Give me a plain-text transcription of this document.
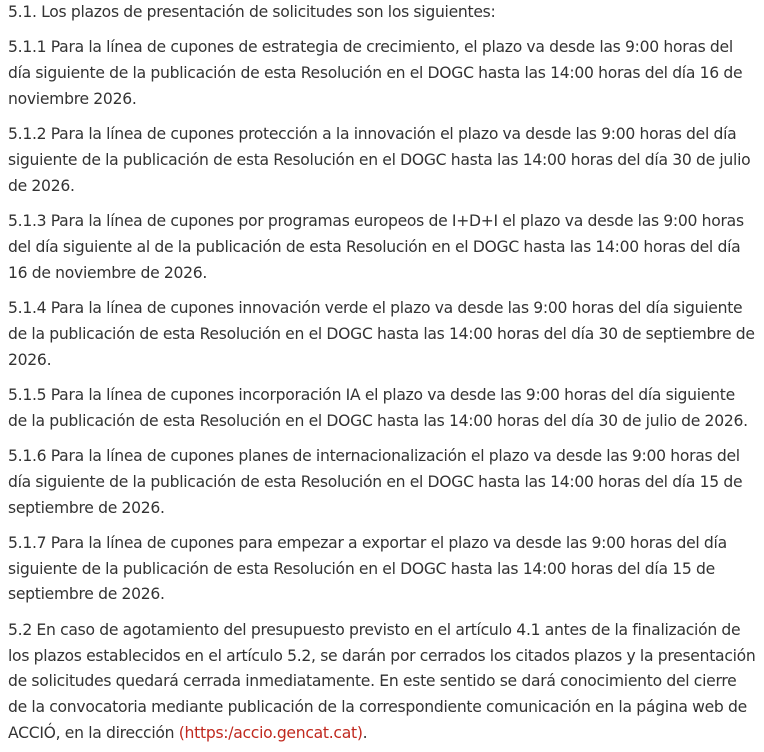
5.1. Los plazos de presentación de solicitudes son los siguientes:

5.1.1 Para la línea de cupones de estrategia de crecimiento, el plazo va desde las 9:00 horas del día siguiente de la publicación de esta Resolución en el DOGC hasta las 14:00 horas del día 16 de noviembre 2026.

5.1.2 Para la línea de cupones protección a la innovación el plazo va desde las 9:00 horas del día siguiente de la publicación de esta Resolución en el DOGC hasta las 14:00 horas del día 30 de julio de 2026.

5.1.3 Para la línea de cupones por programas europeos de I+D+I el plazo va desde las 9:00 horas del día siguiente al de la publicación de esta Resolución en el DOGC hasta las 14:00 horas del día 16 de noviembre de 2026.

5.1.4 Para la línea de cupones innovación verde el plazo va desde las 9:00 horas del día siguiente de la publicación de esta Resolución en el DOGC hasta las 14:00 horas del día 30 de septiembre de 2026.

5.1.5 Para la línea de cupones incorporación IA el plazo va desde las 9:00 horas del día siguiente de la publicación de esta Resolución en el DOGC hasta las 14:00 horas del día 30 de julio de 2026.

5.1.6 Para la línea de cupones planes de internacionalización el plazo va desde las 9:00 horas del día siguiente de la publicación de esta Resolución en el DOGC hasta las 14:00 horas del día 15 de septiembre de 2026.

5.1.7 Para la línea de cupones para empezar a exportar el plazo va desde las 9:00 horas del día siguiente de la publicación de esta Resolución en el DOGC hasta las 14:00 horas del día 15 de septiembre de 2026.

5.2 En caso de agotamiento del presupuesto previsto en el artículo 4.1 antes de la finalización de los plazos establecidos en el artículo 5.2, se darán por cerrados los citados plazos y la presentación de solicitudes quedará cerrada inmediatamente. En este sentido se dará conocimiento del cierre de la convocatoria mediante publicación de la correspondiente comunicación en la página web de ACCIÓ, en la dirección (https:/accio.gencat.cat).
